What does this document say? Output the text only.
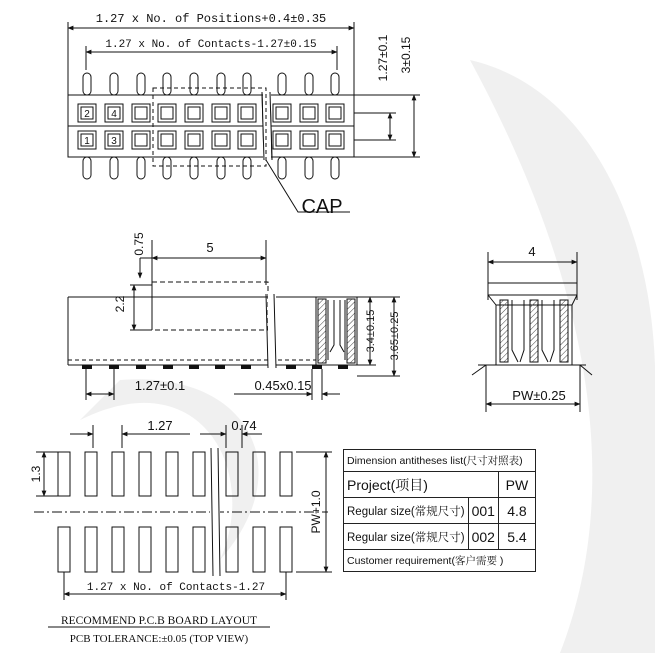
1.27 x No. of Positions+0.4±0.35
1.27 x No. of Contacts-1.27±0.15
2 4
1 3
CAP
1.27±0.1 3±0.15
0.75	5
2.2
3.4±0.15 3.65±0.25
1.27±0.1	0.45x0.15
4
PW±0.25
1.27	0.74
1.3
PW+1.0
1.27 x No. of Contacts-1.27
RECOMMEND P.C.B BOARD LAYOUT
PCB TOLERANCE:±0.05 (TOP VIEW)
Dimension antitheses list(尺寸对照表)		
Project(项目)		PW
Regular size(常规尺寸)	001	4.8
Regular size(常规尺寸)	002	5.4
Customer requirement(客户需要 )		
